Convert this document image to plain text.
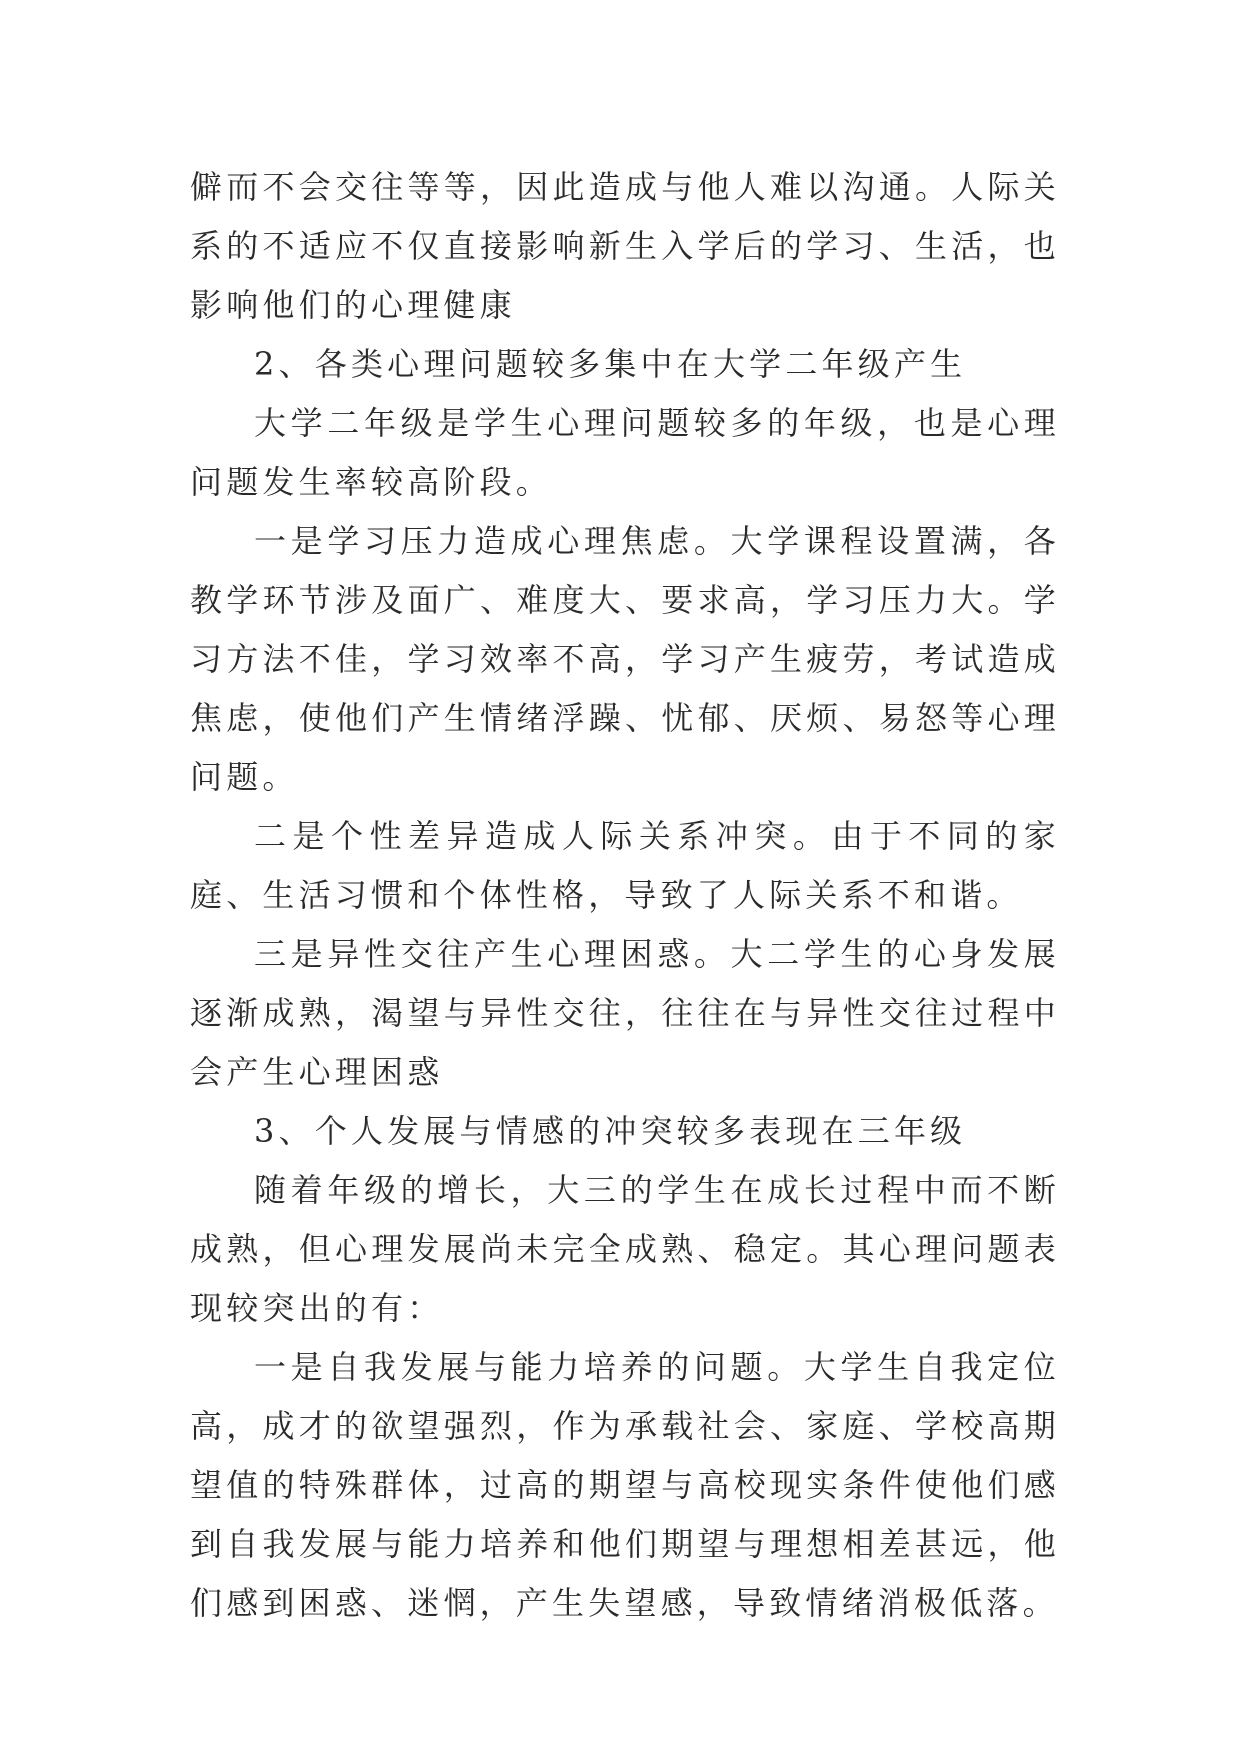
僻而不会交往等等，因此造成与他人难以沟通。人际关系的不适应不仅直接影响新生入学后的学习、生活，也影响他们的心理健康

2、各类心理问题较多集中在大学二年级产生

大学二年级是学生心理问题较多的年级，也是心理问题发生率较高阶段。

一是学习压力造成心理焦虑。大学课程设置满，各教学环节涉及面广、难度大、要求高，学习压力大。学习方法不佳，学习效率不高，学习产生疲劳，考试造成焦虑，使他们产生情绪浮躁、忧郁、厌烦、易怒等心理问题。

二是个性差异造成人际关系冲突。由于不同的家庭、生活习惯和个体性格，导致了人际关系不和谐。

三是异性交往产生心理困惑。大二学生的心身发展逐渐成熟，渴望与异性交往，往往在与异性交往过程中会产生心理困惑

3、个人发展与情感的冲突较多表现在三年级

随着年级的增长，大三的学生在成长过程中而不断成熟，但心理发展尚未完全成熟、稳定。其心理问题表现较突出的有：

一是自我发展与能力培养的问题。大学生自我定位高，成才的欲望强烈，作为承载社会、家庭、学校高期望值的特殊群体，过高的期望与高校现实条件使他们感到自我发展与能力培养和他们期望与理想相差甚远，他们感到困惑、迷惘，产生失望感，导致情绪消极低落。
